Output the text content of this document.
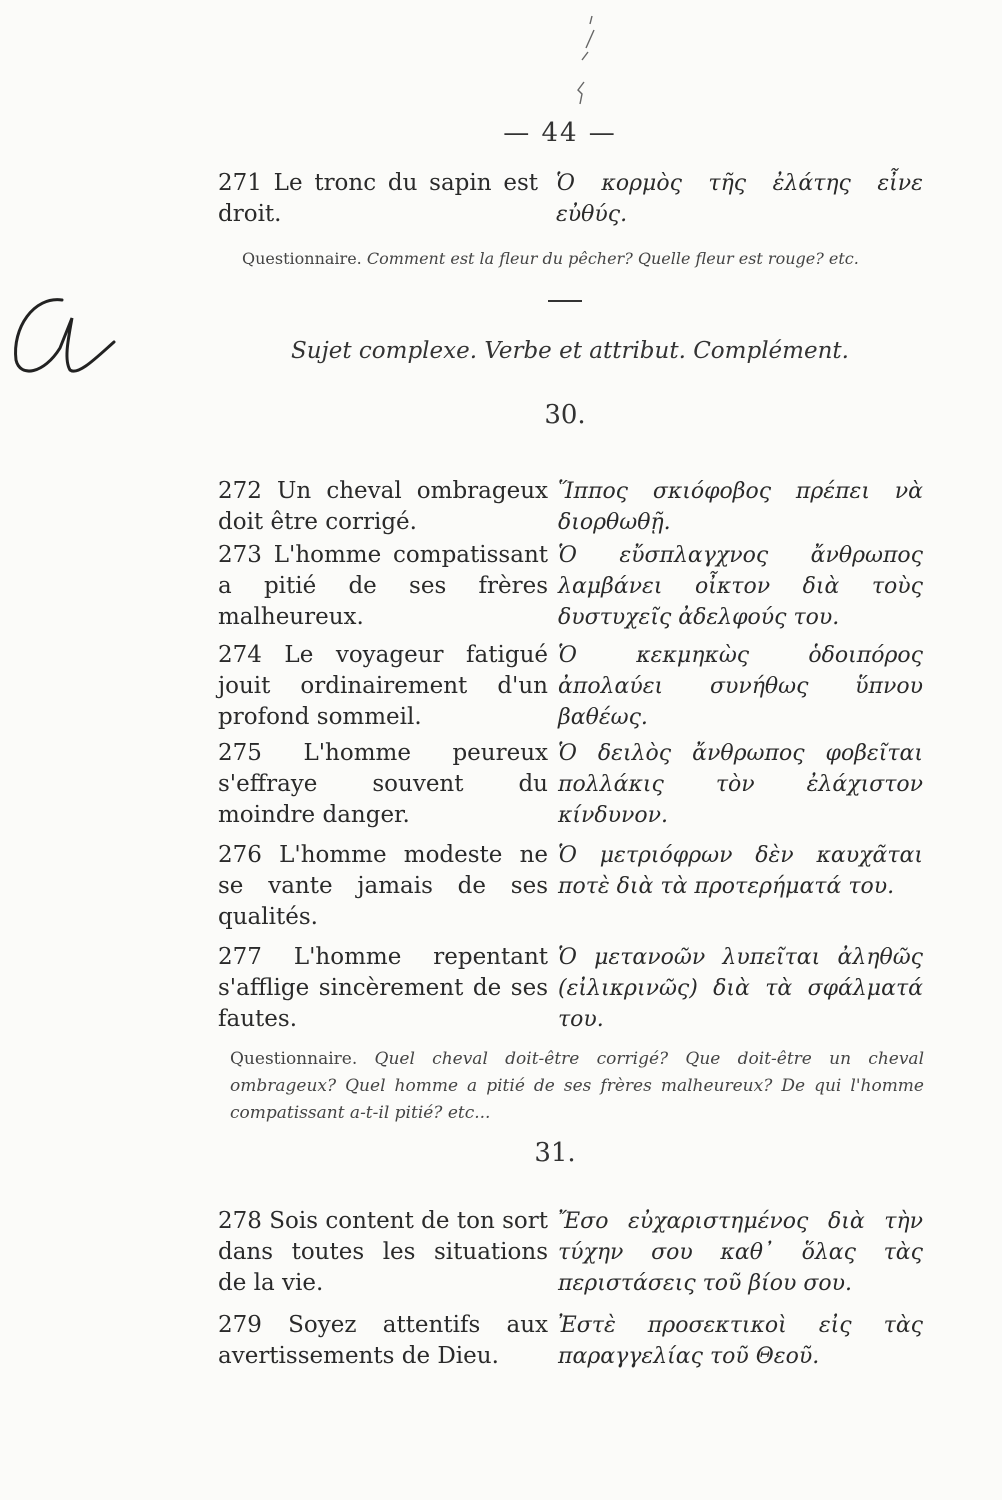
— 44 —
271 Le tronc du sapin est droit.
Ὁ κορμὸς τῆς ἐλάτης εἶνε εὐθύς.
Questionnaire. Comment est la fleur du pêcher? Quelle fleur est rouge? etc.
Sujet complexe. Verbe et attribut. Complément.
30.
272 Un cheval ombrageux doit être corrigé.
Ἵππος σκιόφοβος πρέπει νὰ διορθωθῇ.
273 L'homme compatissant a pitié de ses frères malheureux.
Ὁ εὔσπλαγχνος ἄνθρωπος λαμβάνει οἶκτον διὰ τοὺς δυστυχεῖς ἀδελφούς του.
274 Le voyageur fatigué jouit ordinairement d'un profond sommeil.
Ὁ κεκμηκὼς ὁδοιπόρος ἀπολαύει συνήθως ὕπνου βαθέως.
275 L'homme peureux s'effraye souvent du moindre danger.
Ὁ δειλὸς ἄνθρωπος φοβεῖται πολλάκις τὸν ἐλάχιστον κίνδυνον.
276 L'homme modeste ne se vante jamais de ses qualités.
Ὁ μετριόφρων δὲν καυχᾶται ποτὲ διὰ τὰ προτερήματά του.
277 L'homme repentant s'afflige sincèrement de ses fautes.
Ὁ μετανοῶν λυπεῖται ἀληθῶς (εἰλικρινῶς) διὰ τὰ σφάλματά του.
Questionnaire. Quel cheval doit-être corrigé? Que doit-être un cheval ombrageux? Quel homme a pitié de ses frères malheureux? De qui l'homme compatissant a-t-il pitié? etc...
31.
278 Sois content de ton sort dans toutes les situations de la vie.
Ἔσο εὐχαριστημένος διὰ τὴν τύχην σου καθ᾽ ὅλας τὰς περιστάσεις τοῦ βίου σου.
279 Soyez attentifs aux avertissements de Dieu.
Ἐστὲ προσεκτικοὶ εἰς τὰς παραγγελίας τοῦ Θεοῦ.
